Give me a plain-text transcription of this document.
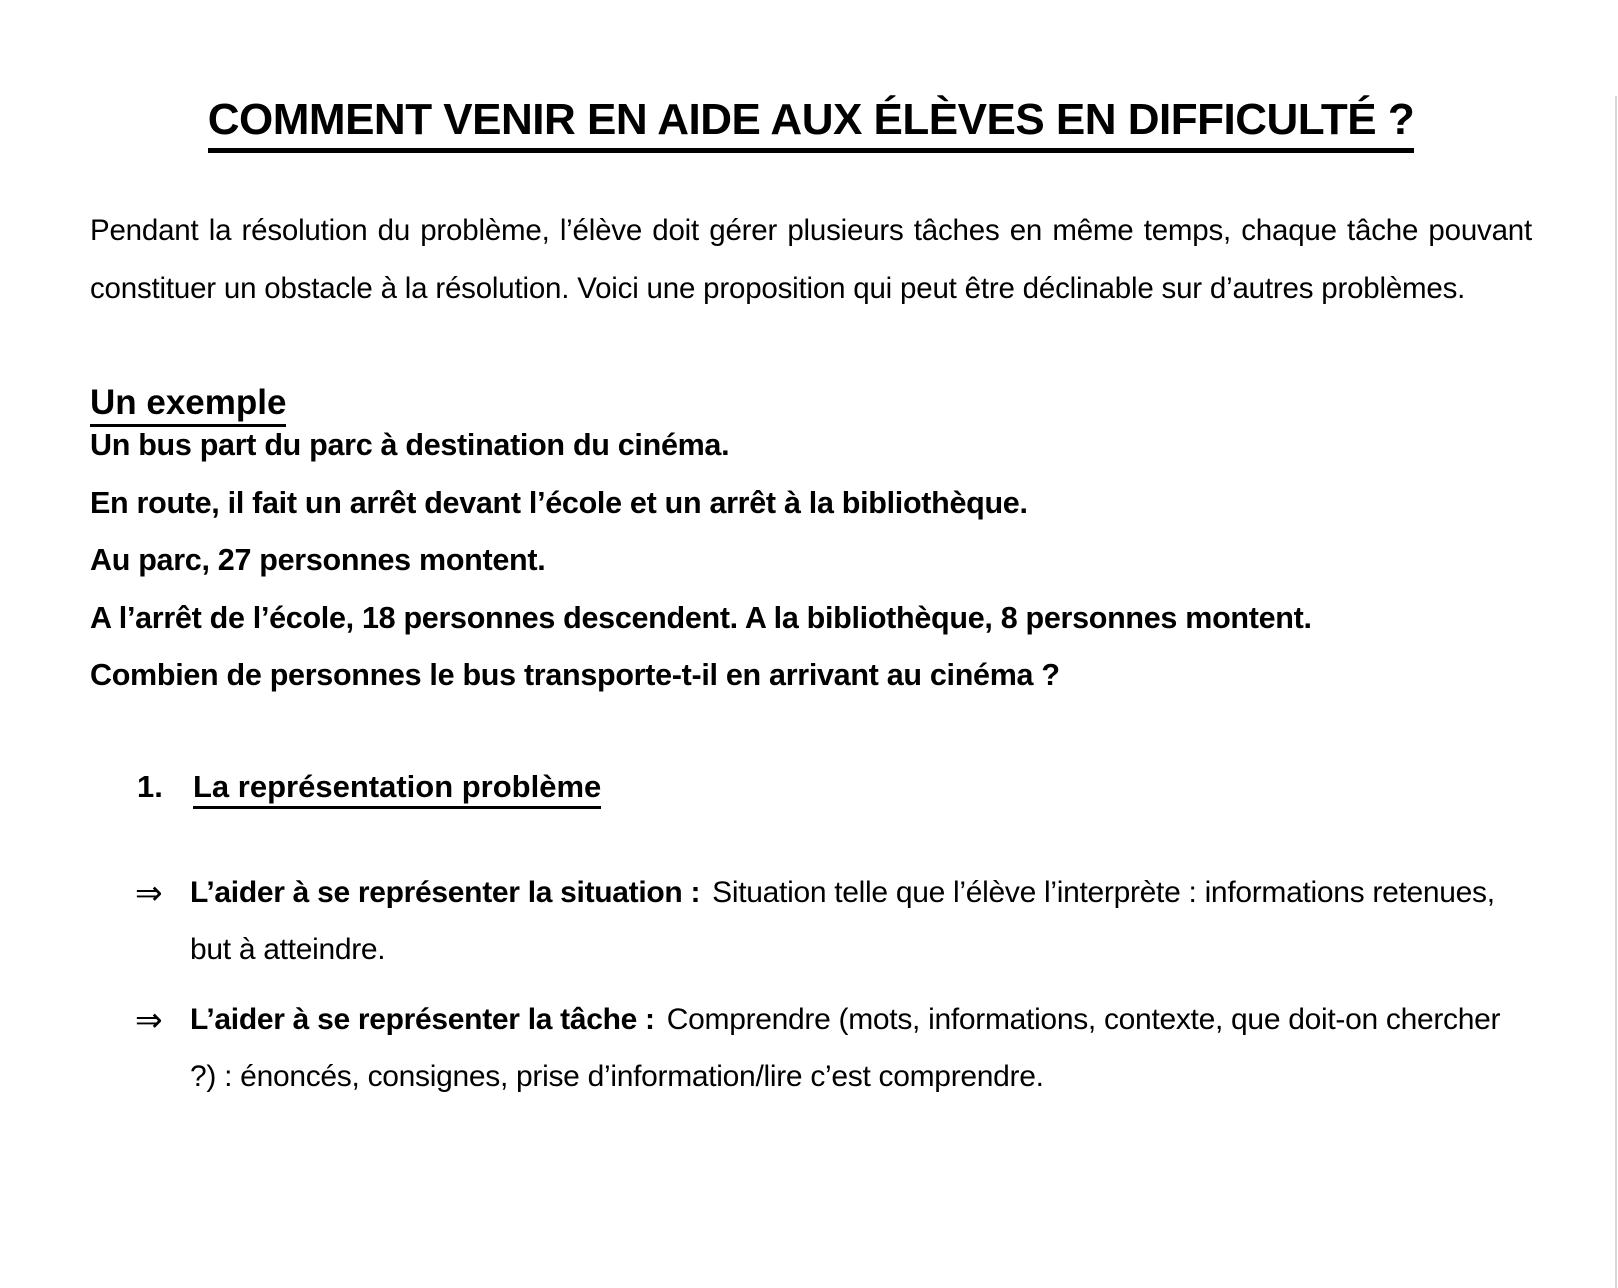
COMMENT VENIR EN AIDE AUX ÉLÈVES EN DIFFICULTÉ ?

Pendant la résolution du problème, l’élève doit gérer plusieurs tâches en même temps, chaque tâche pouvant constituer un obstacle à la résolution. Voici une proposition qui peut être déclinable sur d’autres problèmes.

Un exemple
Un bus part du parc à destination du cinéma.
En route, il fait un arrêt devant l’école et un arrêt à la bibliothèque.
Au parc, 27 personnes montent.
A l’arrêt de l’école, 18 personnes descendent. A la bibliothèque, 8 personnes montent.
Combien de personnes le bus transporte-t-il en arrivant au cinéma ?
1. La représentation problème
⇒ L’aider à se représenter la situation : Situation telle que l’élève l’interprète : informations retenues, but à atteindre.
⇒ L’aider à se représenter la tâche : Comprendre (mots, informations, contexte, que doit-on chercher ?) : énoncés, consignes, prise d’information/lire c’est comprendre.
